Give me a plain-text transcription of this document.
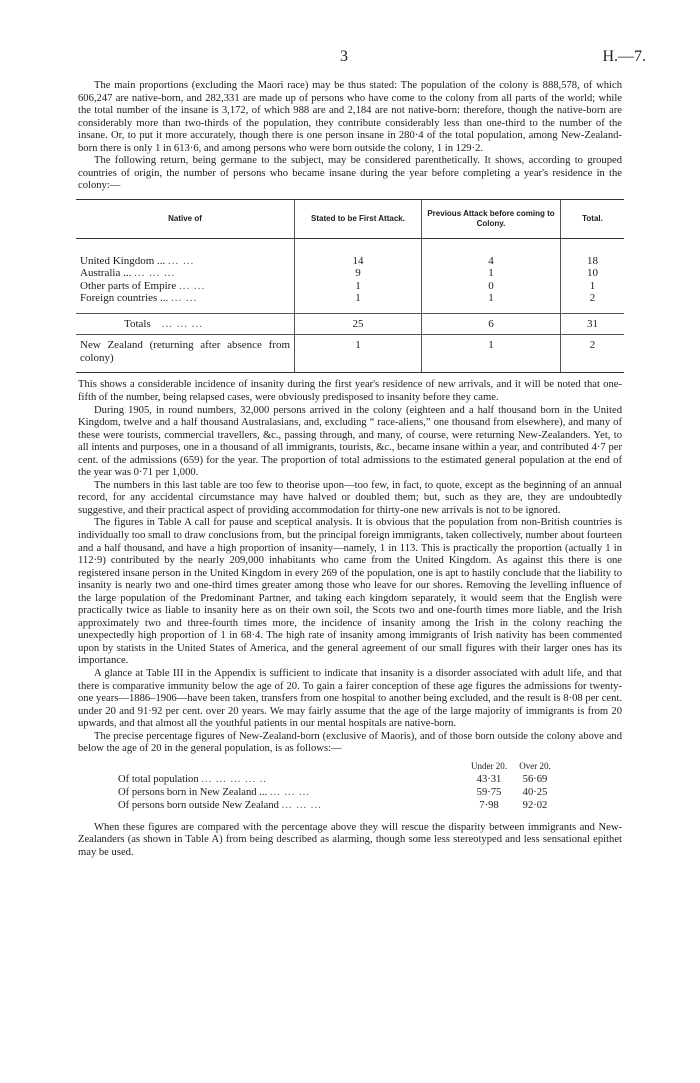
3	H.—7.

The main proportions (excluding the Maori race) may be thus stated: The population of the colony is 888,578, of which 606,247 are native-born, and 282,331 are made up of persons who have come to the colony from all parts of the world; while the total number of the insane is 3,172, of which 988 are and 2,184 are not native-born: therefore, though the native-born are considerably more than two-thirds of the population, they contribute considerably less than one-third to the number of the insane. Or, to put it more accurately, though there is one person insane in 280·4 of the total population, among New-Zealand-born there is only 1 in 613·6, and among persons who were born outside the colony, 1 in 129·2.

The following return, being germane to the subject, may be considered parenthetically. It shows, according to grouped countries of origin, the number of persons who became insane during the year before completing a year's residence in the colony:—

Native of	Stated to be First Attack.	Previous Attack before coming to Colony.	Total.
United Kingdom ... ... ...	14	4	18
Australia ... ... ... ...	9	1	10
Other parts of Empire ... ...	1	0	1
Foreign countries ... ... ...	1	1	2
Totals ... ... ...	25	6	31
New Zealand (returning after absence from colony)	1	1	2

This shows a considerable incidence of insanity during the first year's residence of new arrivals, and it will be noted that one-fifth of the number, being relapsed cases, were obviously predisposed to insanity before they came.

During 1905, in round numbers, 32,000 persons arrived in the colony (eighteen and a half thousand born in the United Kingdom, twelve and a half thousand Australasians, and, excluding “ race-aliens,” one thousand from elsewhere), and many of these were tourists, commercial travellers, &c., passing through, and many, of course, were returning New-Zealanders. Yet, to all intents and purposes, one in a thousand of all immigrants, tourists, &c., became insane within a year, and contributed 4·7 per cent. of the admissions (659) for the year. The proportion of total admissions to the estimated general population at the end of the year was 0·71 per 1,000.

The numbers in this last table are too few to theorise upon—too few, in fact, to quote, except as the beginning of an annual record, for any accidental circumstance may have halved or doubled them; but, such as they are, they are undoubtedly suggestive, and their practical aspect of providing accommodation for thirty-one new arrivals is not to be ignored.

The figures in Table A call for pause and sceptical analysis. It is obvious that the population from non-British countries is individually too small to draw conclusions from, but the principal foreign immigrants, taken collectively, number about fourteen and a half thousand, and have a high proportion of insanity—namely, 1 in 113. This is practically the proportion (actually 1 in 112·9) contributed by the nearly 209,000 inhabitants who came from the United Kingdom. As against this there is one registered insane person in the United Kingdom in every 269 of the population, one is apt to hastily conclude that the liability to insanity is nearly two and one-third times greater among those who leave for our shores. Removing the levelling influence of the large population of the Predominant Partner, and taking each kingdom separately, it would seem that the English were practically twice as liable to insanity here as on their own soil, the Scots two and one-fourth times more liable, and the Irish approximately two and three-fourth times more, the incidence of insanity among the Irish in the colony reaching the unexpectedly high proportion of 1 in 68·4. The high rate of insanity among immigrants of Irish nativity has been commented upon by statists in the United States of America, and the general agreement of our small figures with their larger ones has its importance.

A glance at Table III in the Appendix is sufficient to indicate that insanity is a disorder associated with adult life, and that there is comparative immunity below the age of 20. To gain a fairer conception of these age figures the admissions for twenty-one years—1886–1906—have been taken, transfers from one hospital to another being excluded, and the result is 8·08 per cent. under 20 and 91·92 per cent. over 20 years. We may fairly assume that the age of the large majority of immigrants is from 20 upwards, and that almost all the youthful patients in our mental hospitals are native-born.

The precise percentage figures of New-Zealand-born (exclusive of Maoris), and of those born outside the colony above and below the age of 20 in the general population, is as follows:—

	Under 20.	Over 20.
Of total population ... ... ... ... ..	43·31	56·69
Of persons born in New Zealand ... ... ... ...	59·75	40·25
Of persons born outside New Zealand ... ... ...	7·98	92·02

When these figures are compared with the percentage above they will rescue the disparity between immigrants and New-Zealanders (as shown in Table A) from being described as alarming, though some less stereotyped and less sensational epithet may be used.
